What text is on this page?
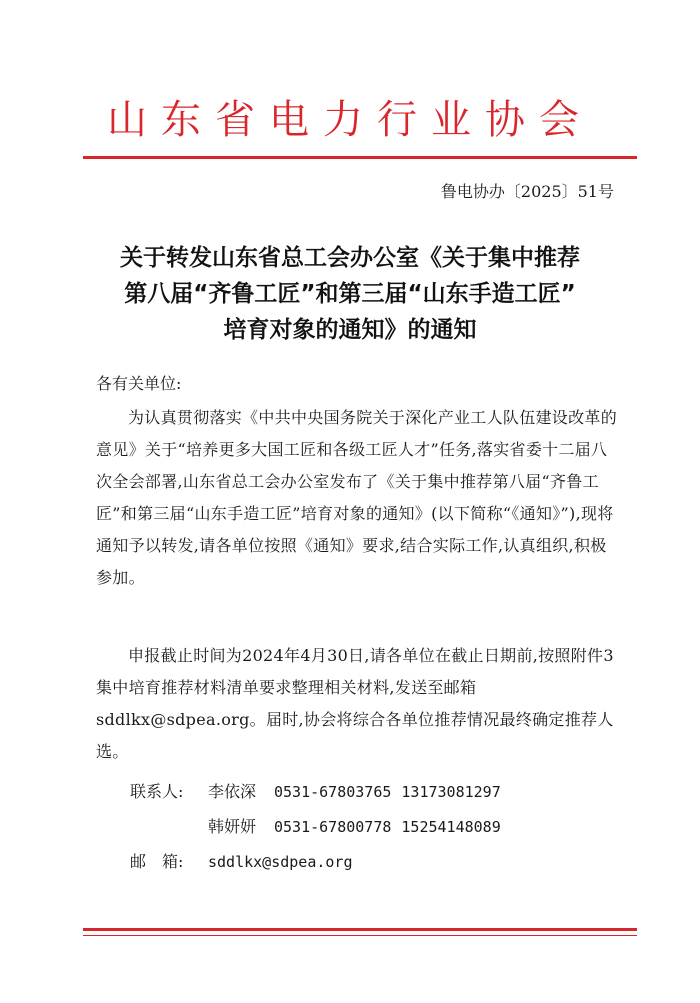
山东省电力行业协会
鲁电协办〔2025〕51号
关于转发山东省总工会办公室《关于集中推荐
第八届“齐鲁工匠”和第三届“山东手造工匠”
培育对象的通知》的通知
各有关单位:
为认真贯彻落实《中共中央国务院关于深化产业工人队伍建设改革的意见》关于“培养更多大国工匠和各级工匠人才”任务,落实省委十二届八次全会部署,山东省总工会办公室发布了《关于集中推荐第八届“齐鲁工匠”和第三届“山东手造工匠”培育对象的通知》(以下简称“《通知》”),现将通知予以转发,请各单位按照《通知》要求,结合实际工作,认真组织,积极参加。
申报截止时间为2024年4月30日,请各单位在截止日期前,按照附件3集中培育推荐材料清单要求整理相关材料,发送至邮箱sddlkx@sdpea.org。届时,协会将综合各单位推荐情况最终确定推荐人选。
联系人: 李依深 0531-67803765 13173081297
韩妍妍 0531-67800778 15254148089
邮　箱: sddlkx@sdpea.org
